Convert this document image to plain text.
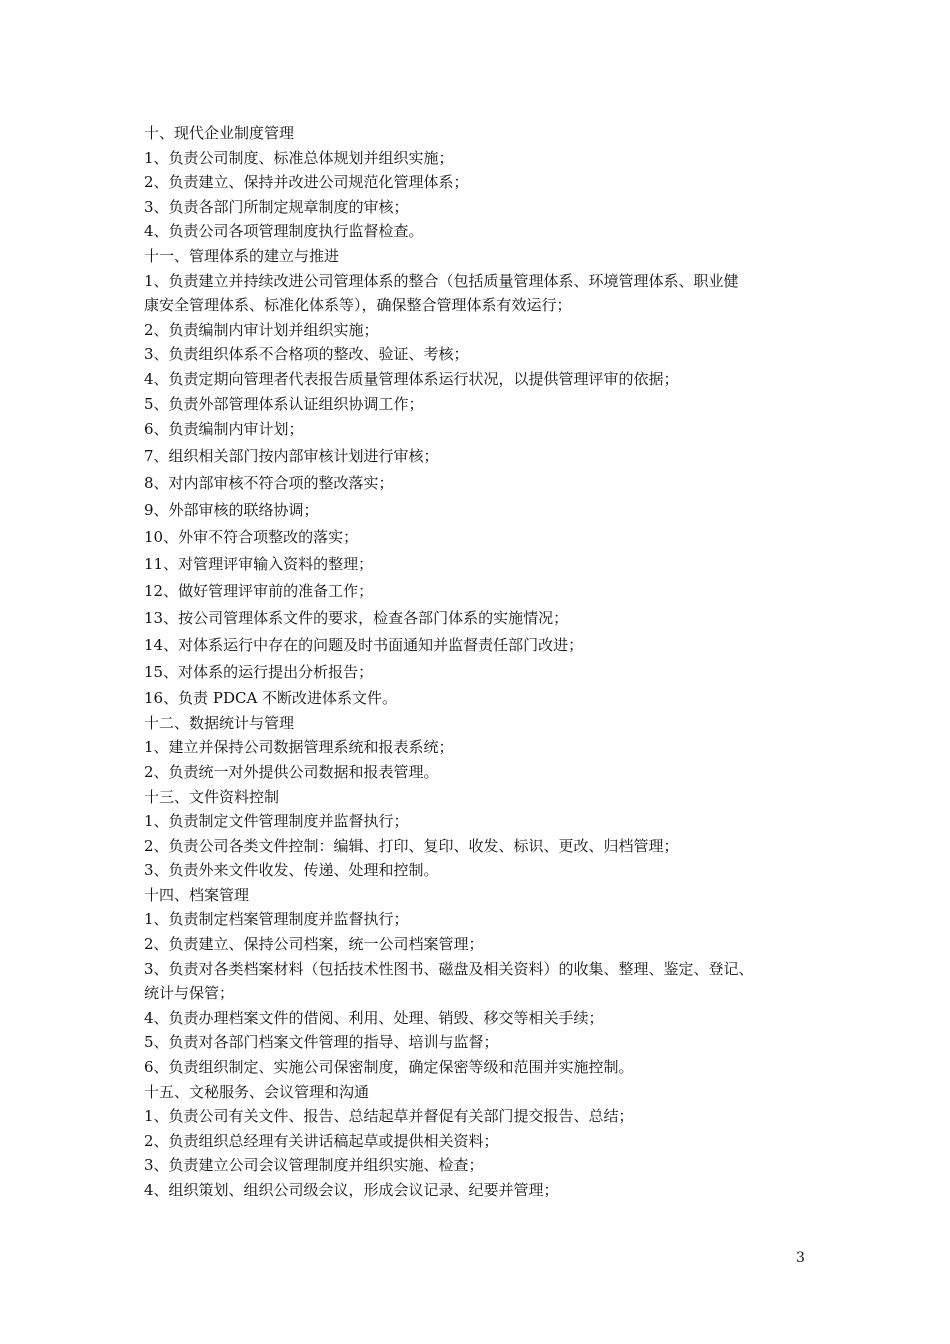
十、现代企业制度管理
1、负责公司制度、标准总体规划并组织实施；
2、负责建立、保持并改进公司规范化管理体系；
3、负责各部门所制定规章制度的审核；
4、负责公司各项管理制度执行监督检查。
十一、管理体系的建立与推进
1、负责建立并持续改进公司管理体系的整合（包括质量管理体系、环境管理体系、职业健
康安全管理体系、标准化体系等），确保整合管理体系有效运行；
2、负责编制内审计划并组织实施；
3、负责组织体系不合格项的整改、验证、考核；
4、负责定期向管理者代表报告质量管理体系运行状况，以提供管理评审的依据；
5、负责外部管理体系认证组织协调工作；
6、负责编制内审计划；
7、组织相关部门按内部审核计划进行审核；
8、对内部审核不符合项的整改落实；
9、外部审核的联络协调；
10、外审不符合项整改的落实；
11、对管理评审输入资料的整理；
12、做好管理评审前的准备工作；
13、按公司管理体系文件的要求，检查各部门体系的实施情况；
14、对体系运行中存在的问题及时书面通知并监督责任部门改进；
15、对体系的运行提出分析报告；
16、负责 PDCA 不断改进体系文件。
十二、数据统计与管理
1、建立并保持公司数据管理系统和报表系统；
2、负责统一对外提供公司数据和报表管理。
十三、文件资料控制
1、负责制定文件管理制度并监督执行；
2、负责公司各类文件控制：编辑、打印、复印、收发、标识、更改、归档管理；
3、负责外来文件收发、传递、处理和控制。
十四、档案管理
1、负责制定档案管理制度并监督执行；
2、负责建立、保持公司档案，统一公司档案管理；
3、负责对各类档案材料（包括技术性图书、磁盘及相关资料）的收集、整理、鉴定、登记、
统计与保管；
4、负责办理档案文件的借阅、利用、处理、销毁、移交等相关手续；
5、负责对各部门档案文件管理的指导、培训与监督；
6、负责组织制定、实施公司保密制度，确定保密等级和范围并实施控制。
十五、文秘服务、会议管理和沟通
1、负责公司有关文件、报告、总结起草并督促有关部门提交报告、总结；
2、负责组织总经理有关讲话稿起草或提供相关资料；
3、负责建立公司会议管理制度并组织实施、检查；
4、组织策划、组织公司级会议，形成会议记录、纪要并管理；
3
